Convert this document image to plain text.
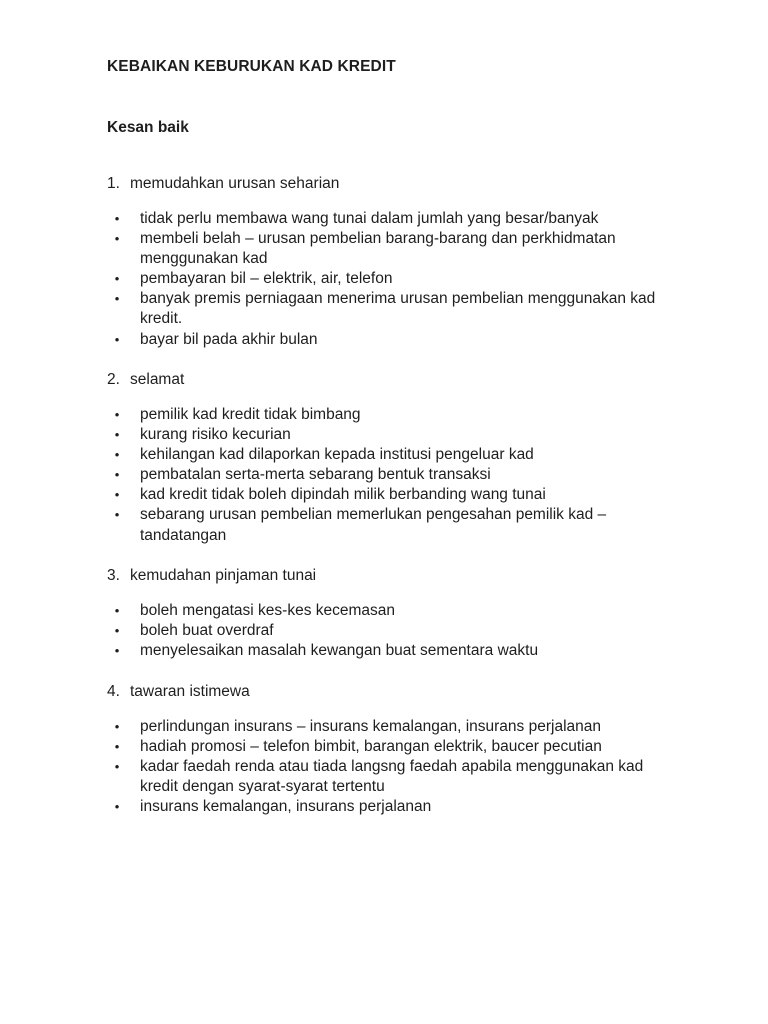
KEBAIKAN KEBURUKAN KAD KREDIT
Kesan baik

1. memudahkan urusan seharian

•	tidak perlu membawa wang tunai dalam jumlah yang besar/banyak
•	membeli belah – urusan pembelian barang-barang dan perkhidmatan menggunakan kad
•	pembayaran bil – elektrik, air, telefon
•	banyak premis perniagaan menerima urusan pembelian menggunakan kad kredit.
•	bayar bil pada akhir bulan

2. selamat

•	pemilik kad kredit tidak bimbang
•	kurang risiko kecurian
•	kehilangan kad dilaporkan kepada institusi pengeluar kad
•	pembatalan serta-merta sebarang bentuk transaksi
•	kad kredit tidak boleh dipindah milik berbanding wang tunai
•	sebarang urusan pembelian memerlukan pengesahan pemilik kad – tandatangan

3. kemudahan pinjaman tunai

•	boleh mengatasi kes-kes kecemasan
•	boleh buat overdraf
•	menyelesaikan masalah kewangan buat sementara waktu

4. tawaran istimewa

•	perlindungan insurans – insurans kemalangan, insurans perjalanan
•	hadiah promosi – telefon bimbit, barangan elektrik, baucer pecutian
•	kadar faedah renda atau tiada langsng faedah apabila menggunakan kad kredit dengan syarat-syarat tertentu
•	insurans kemalangan, insurans perjalanan
